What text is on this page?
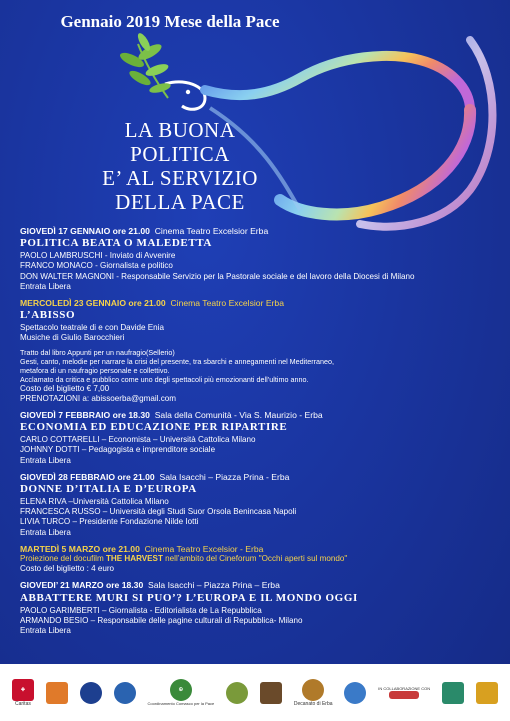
Gennaio 2019 Mese della Pace
LA BUONA
POLITICA
E’ AL SERVIZIO
DELLA PACE
GIOVEDÌ 17 GENNAIO ore 21.00 Cinema Teatro Excelsior Erba
POLITICA BEATA O MALEDETTA
PAOLO LAMBRUSCHI - Inviato di Avvenire
FRANCO MONACO - Giornalista e politico
DON WALTER MAGNONI - Responsabile Servizio per la Pastorale sociale e del lavoro della Diocesi di Milano
Entrata Libera
MERCOLEDÌ 23 GENNAIO ore 21.00 Cinema Teatro Excelsior Erba
L’ABISSO
Spettacolo teatrale di e con Davide Enia
Musiche di Giulio Barocchieri
Tratto dal libro Appunti per un naufragio(Sellerio)
Gesti, canto, melodie per narrare la crisi del presente, tra sbarchi e annegamenti nel Mediterraneo,
metafora di un naufragio personale e collettivo.
Acclamato da critica e pubblico come uno degli spettacoli più emozionanti dell’ultimo anno.
Costo del biglietto € 7,00
PRENOTAZIONI a: abissoerba@gmail.com
GIOVEDÌ 7 FEBBRAIO ore 18.30 Sala della Comunità - Via S. Maurizio - Erba
ECONOMIA ED EDUCAZIONE PER RIPARTIRE
CARLO COTTARELLI – Economista – Università Cattolica Milano
JOHNNY DOTTI – Pedagogista e imprenditore sociale
Entrata Libera
GIOVEDÌ 28 FEBBRAIO ore 21.00 Sala Isacchi – Piazza Prina - Erba
DONNE D’ITALIA E D’EUROPA
ELENA RIVA –Università Cattolica Milano
FRANCESCA RUSSO – Università degli Studi Suor Orsola Benincasa Napoli
LIVIA TURCO – Presidente Fondazione Nilde Iotti
Entrata Libera
MARTEDÌ 5 MARZO ore 21.00 Cinema Teatro Excelsior - Erba
Proiezione del docufilm THE HARVEST nell’ambito del Cineforum "Occhi aperti sul mondo"
Costo del biglietto : 4 euro
GIOVEDI’ 21 MARZO ore 18.30 Sala Isacchi – Piazza Prina – Erba
ABBATTERE MURI SI PUO’? L’EUROPA E IL MONDO OGGI
PAOLO GARIMBERTI – Giornalista - Editorialista de La Repubblica
ARMANDO BESIO – Responsabile delle pagine culturali di Repubblica- Milano
Entrata Libera
✚
Caritas
☮
Coordinamento Comasco per la Pace	Decanato di Erba
IN COLLABORAZIONE CON
